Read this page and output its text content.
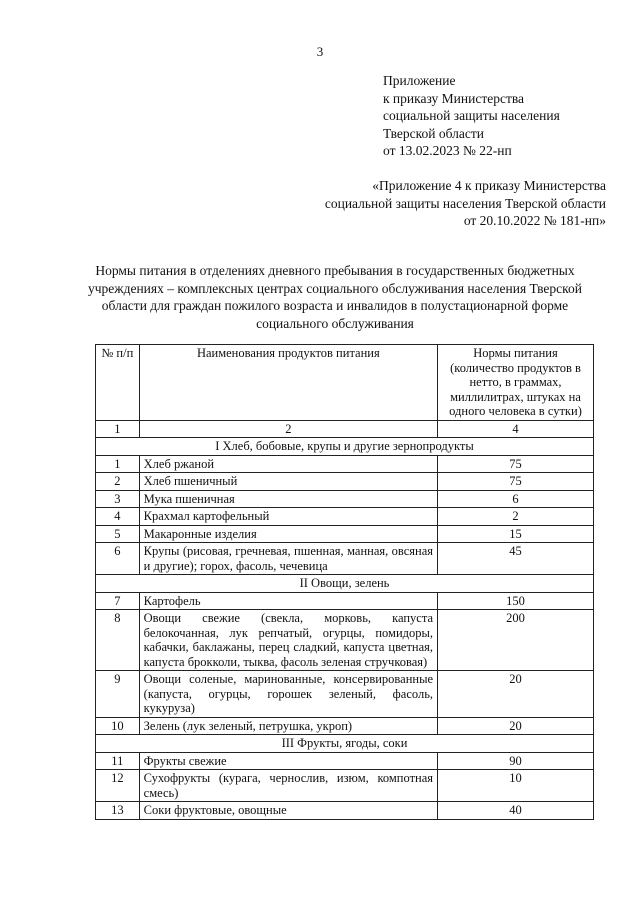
3
Приложение
к приказу Министерства
социальной защиты населения
Тверской области
от 13.02.2023 № 22-нп
«Приложение 4 к приказу Министерства
социальной защиты населения Тверской области
от 20.10.2022 № 181-нп»
Нормы питания в отделениях дневного пребывания в государственных бюджетных учреждениях – комплексных центрах социального обслуживания населения Тверской области для граждан пожилого возраста и инвалидов в полустационарной форме социального обслуживания
№ п/п	Наименования продуктов питания	Нормы питания (количество продуктов в нетто, в граммах, миллилитрах, штуках на одного человека в сутки)
1	2	4
I Хлеб, бобовые, крупы и другие зернопродукты		
1	Хлеб ржаной	75
2	Хлеб пшеничный	75
3	Мука пшеничная	6
4	Крахмал картофельный	2
5	Макаронные изделия	15
6	Крупы (рисовая, гречневая, пшенная, манная, овсяная и другие); горох, фасоль, чечевица	45
II Овощи, зелень		
7	Картофель	150
8	Овощи свежие (свекла, морковь, капуста белокочанная, лук репчатый, огурцы, помидоры, кабачки, баклажаны, перец сладкий, капуста цветная, капуста брокколи, тыква, фасоль зеленая стручковая)	200
9	Овощи соленые, маринованные, консервированные (капуста, огурцы, горошек зеленый, фасоль, кукуруза)	20
10	Зелень (лук зеленый, петрушка, укроп)	20
III Фрукты, ягоды, соки		
11	Фрукты свежие	90
12	Сухофрукты (курага, чернослив, изюм, компотная смесь)	10
13	Соки фруктовые, овощные	40
